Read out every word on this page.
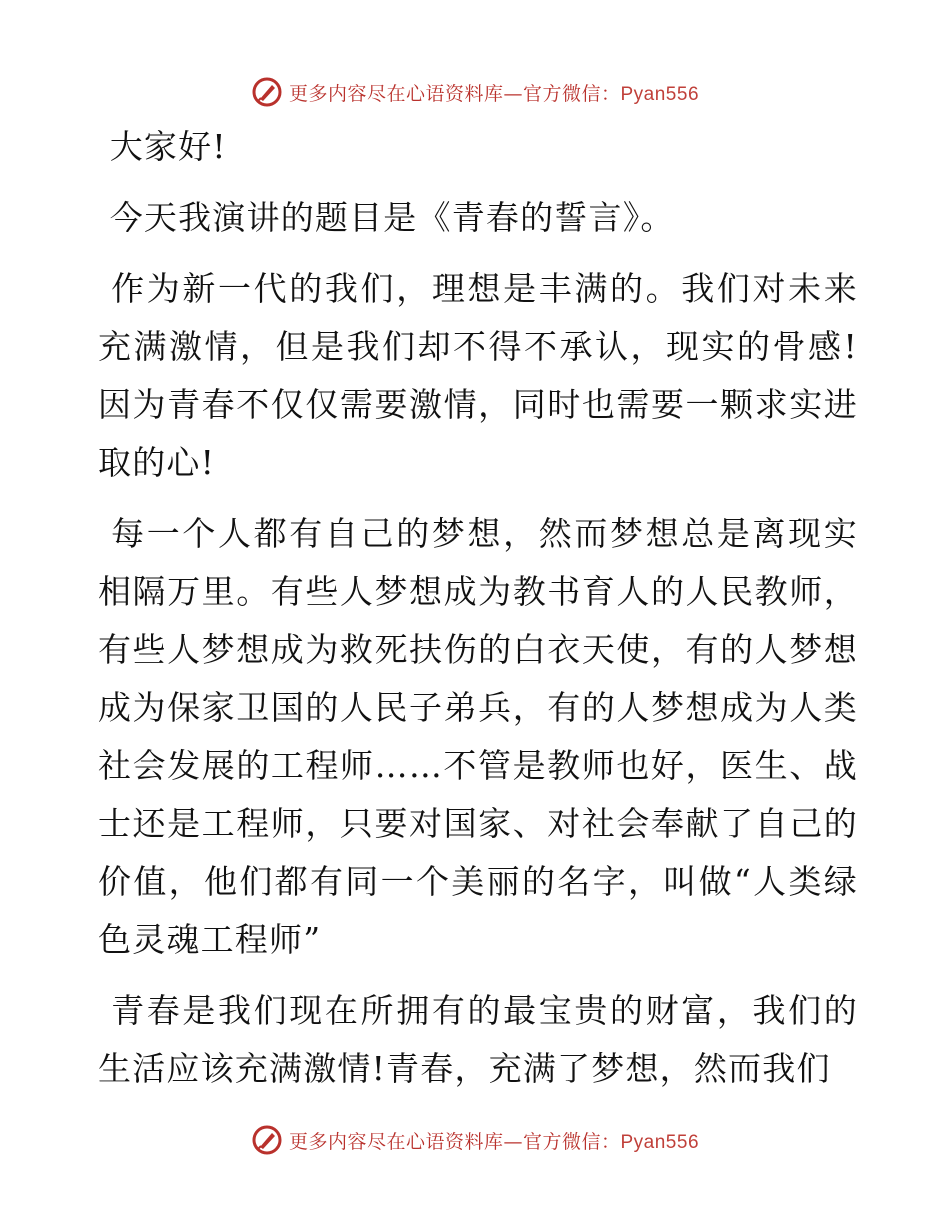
更多内容尽在心语资料库—官方微信：Pyan556

大家好!

今天我演讲的题目是《青春的誓言》。

作为新一代的我们，理想是丰满的。我们对未来充满激情，但是我们却不得不承认，现实的骨感!因为青春不仅仅需要激情，同时也需要一颗求实进取的心!

每一个人都有自己的梦想，然而梦想总是离现实相隔万里。有些人梦想成为教书育人的人民教师，有些人梦想成为救死扶伤的白衣天使，有的人梦想成为保家卫国的人民子弟兵，有的人梦想成为人类社会发展的工程师……不管是教师也好，医生、战士还是工程师，只要对国家、对社会奉献了自己的价值，他们都有同一个美丽的名字，叫做“人类绿色灵魂工程师”

青春是我们现在所拥有的最宝贵的财富，我们的生活应该充满激情!青春，充满了梦想，然而我们

更多内容尽在心语资料库—官方微信：Pyan556
